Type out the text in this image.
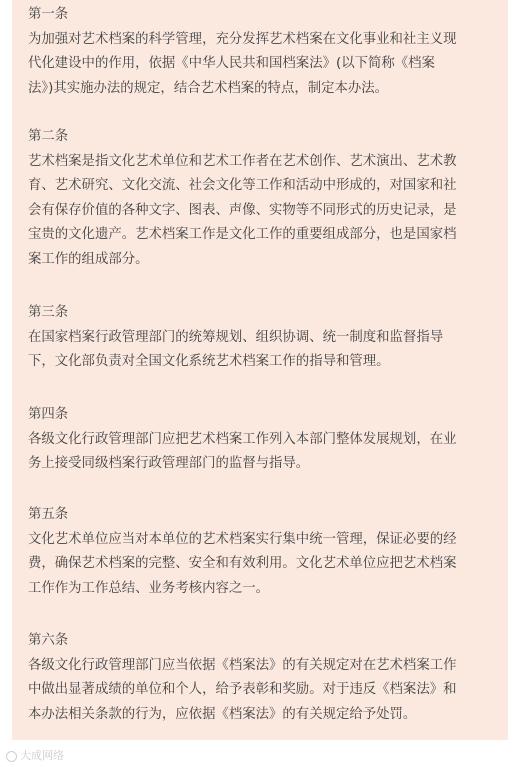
第一条

为加强对艺术档案的科学管理，充分发挥艺术档案在文化事业和社主义现
代化建设中的作用，依据《中华人民共和国档案法》(以下简称《档案
法》)其实施办法的规定，结合艺术档案的特点，制定本办法。

第二条

艺术档案是指文化艺术单位和艺术工作者在艺术创作、艺术演出、艺术教
育、艺术研究、文化交流、社会文化等工作和活动中形成的，对国家和社
会有保存价值的各种文字、图表、声像、实物等不同形式的历史记录，是
宝贵的文化遗产。艺术档案工作是文化工作的重要组成部分，也是国家档
案工作的组成部分。

第三条

在国家档案行政管理部门的统筹规划、组织协调、统一制度和监督指导
下，文化部负责对全国文化系统艺术档案工作的指导和管理。

第四条

各级文化行政管理部门应把艺术档案工作列入本部门整体发展规划，在业
务上接受同级档案行政管理部门的监督与指导。

第五条

文化艺术单位应当对本单位的艺术档案实行集中统一管理，保证必要的经
费，确保艺术档案的完整、安全和有效利用。文化艺术单位应把艺术档案
工作作为工作总结、业务考核内容之一。

第六条

各级文化行政管理部门应当依据《档案法》的有关规定对在艺术档案工作
中做出显著成绩的单位和个人，给予表彰和奖励。对于违反《档案法》和
本办法相关条款的行为，应依据《档案法》的有关规定给予处罚。

大成网络
